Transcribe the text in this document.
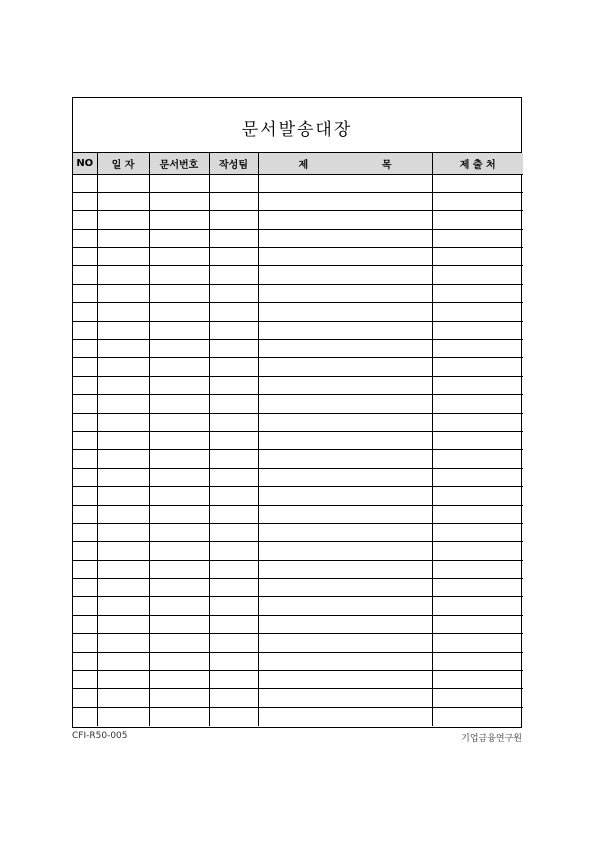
문서발송대장
NO	일 자	문서번호	작성팀	제 목	제 출 처

CFI-R50-005	기업금융연구원
